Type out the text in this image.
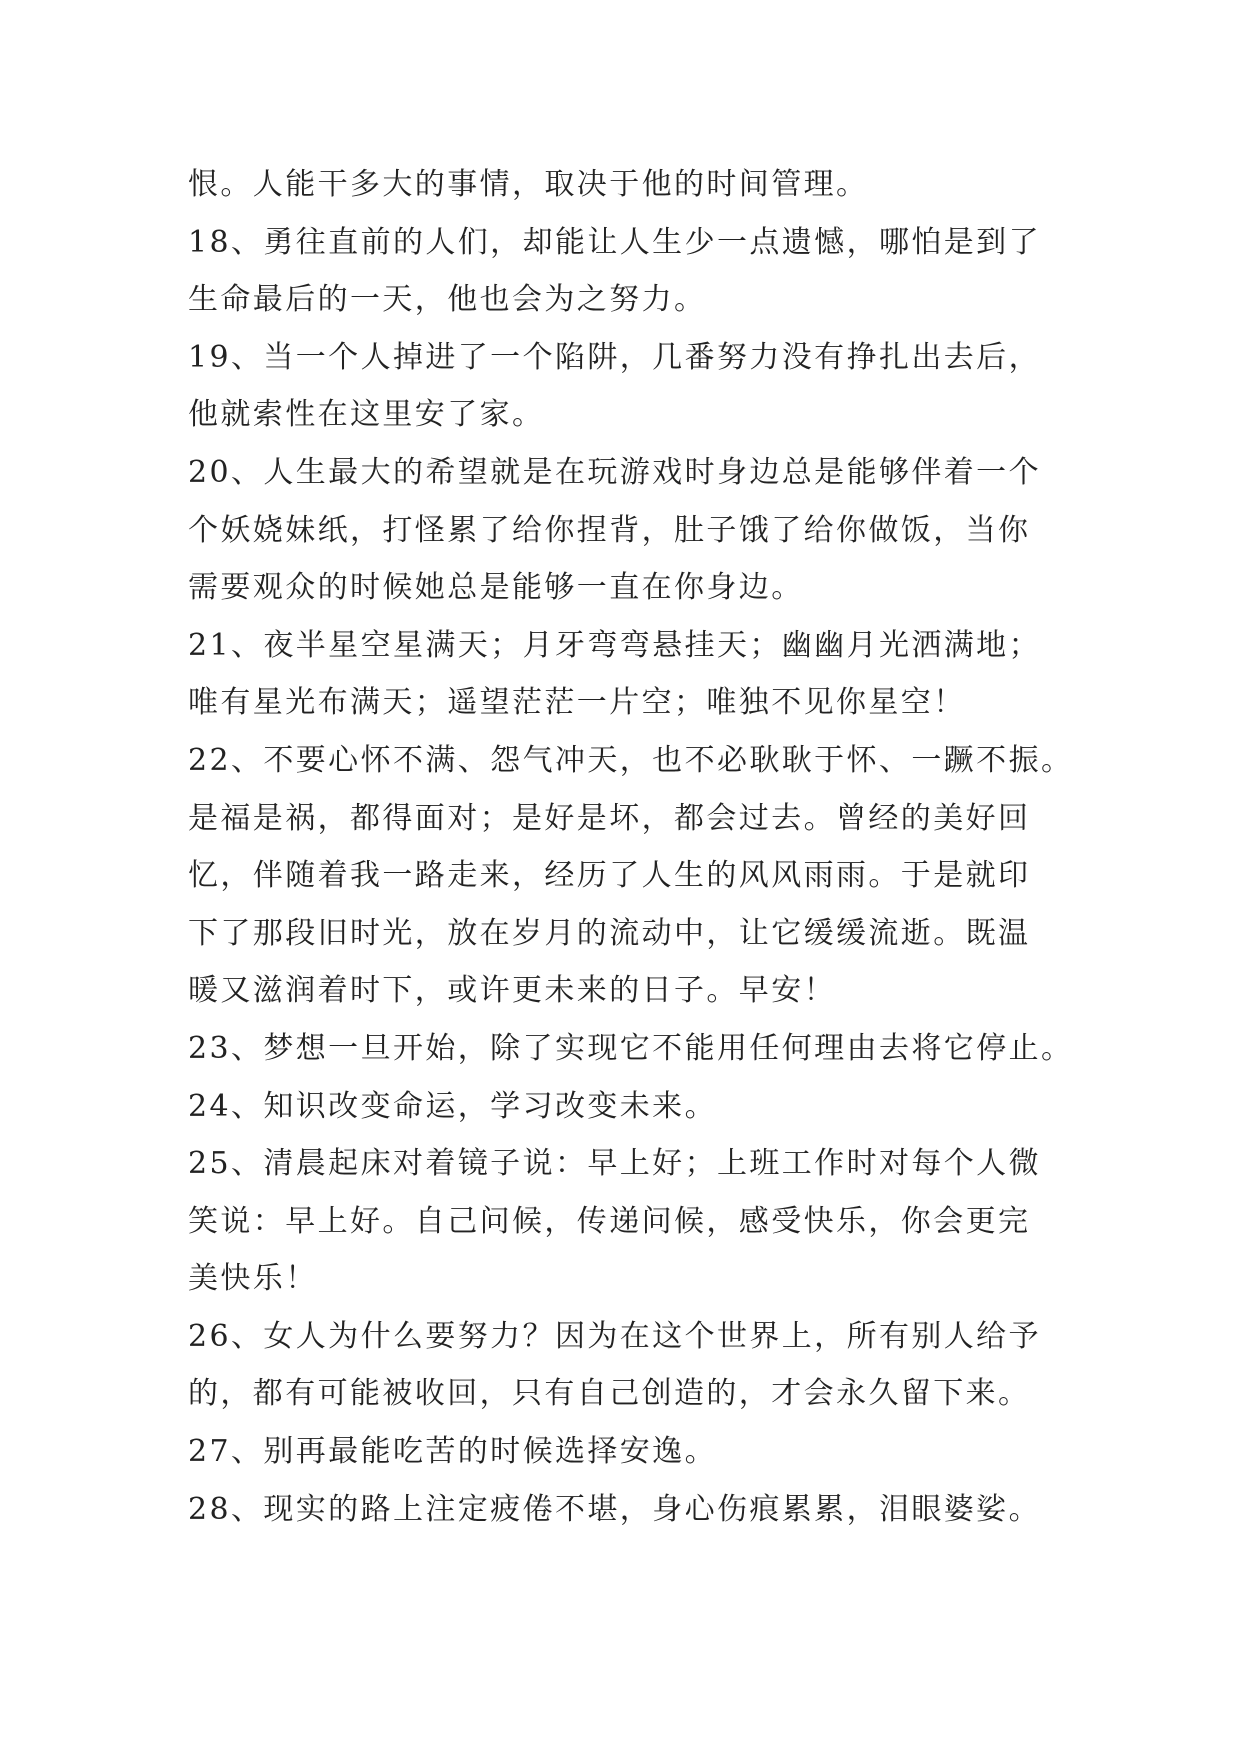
恨。人能干多大的事情，取决于他的时间管理。
18、勇往直前的人们，却能让人生少一点遗憾，哪怕是到了
生命最后的一天，他也会为之努力。
19、当一个人掉进了一个陷阱，几番努力没有挣扎出去后，
他就索性在这里安了家。
20、人生最大的希望就是在玩游戏时身边总是能够伴着一个
个妖娆妹纸，打怪累了给你捏背，肚子饿了给你做饭，当你
需要观众的时候她总是能够一直在你身边。
21、夜半星空星满天；月牙弯弯悬挂天；幽幽月光洒满地；
唯有星光布满天；遥望茫茫一片空；唯独不见你星空！
22、不要心怀不满、怨气冲天，也不必耿耿于怀、一蹶不振。
是福是祸，都得面对；是好是坏，都会过去。曾经的美好回
忆，伴随着我一路走来，经历了人生的风风雨雨。于是就印
下了那段旧时光，放在岁月的流动中，让它缓缓流逝。既温
暖又滋润着时下，或许更未来的日子。早安！
23、梦想一旦开始，除了实现它不能用任何理由去将它停止。
24、知识改变命运，学习改变未来。
25、清晨起床对着镜子说：早上好；上班工作时对每个人微
笑说：早上好。自己问候，传递问候，感受快乐，你会更完
美快乐！
26、女人为什么要努力？因为在这个世界上，所有别人给予
的，都有可能被收回，只有自己创造的，才会永久留下来。
27、别再最能吃苦的时候选择安逸。
28、现实的路上注定疲倦不堪，身心伤痕累累，泪眼婆娑。
